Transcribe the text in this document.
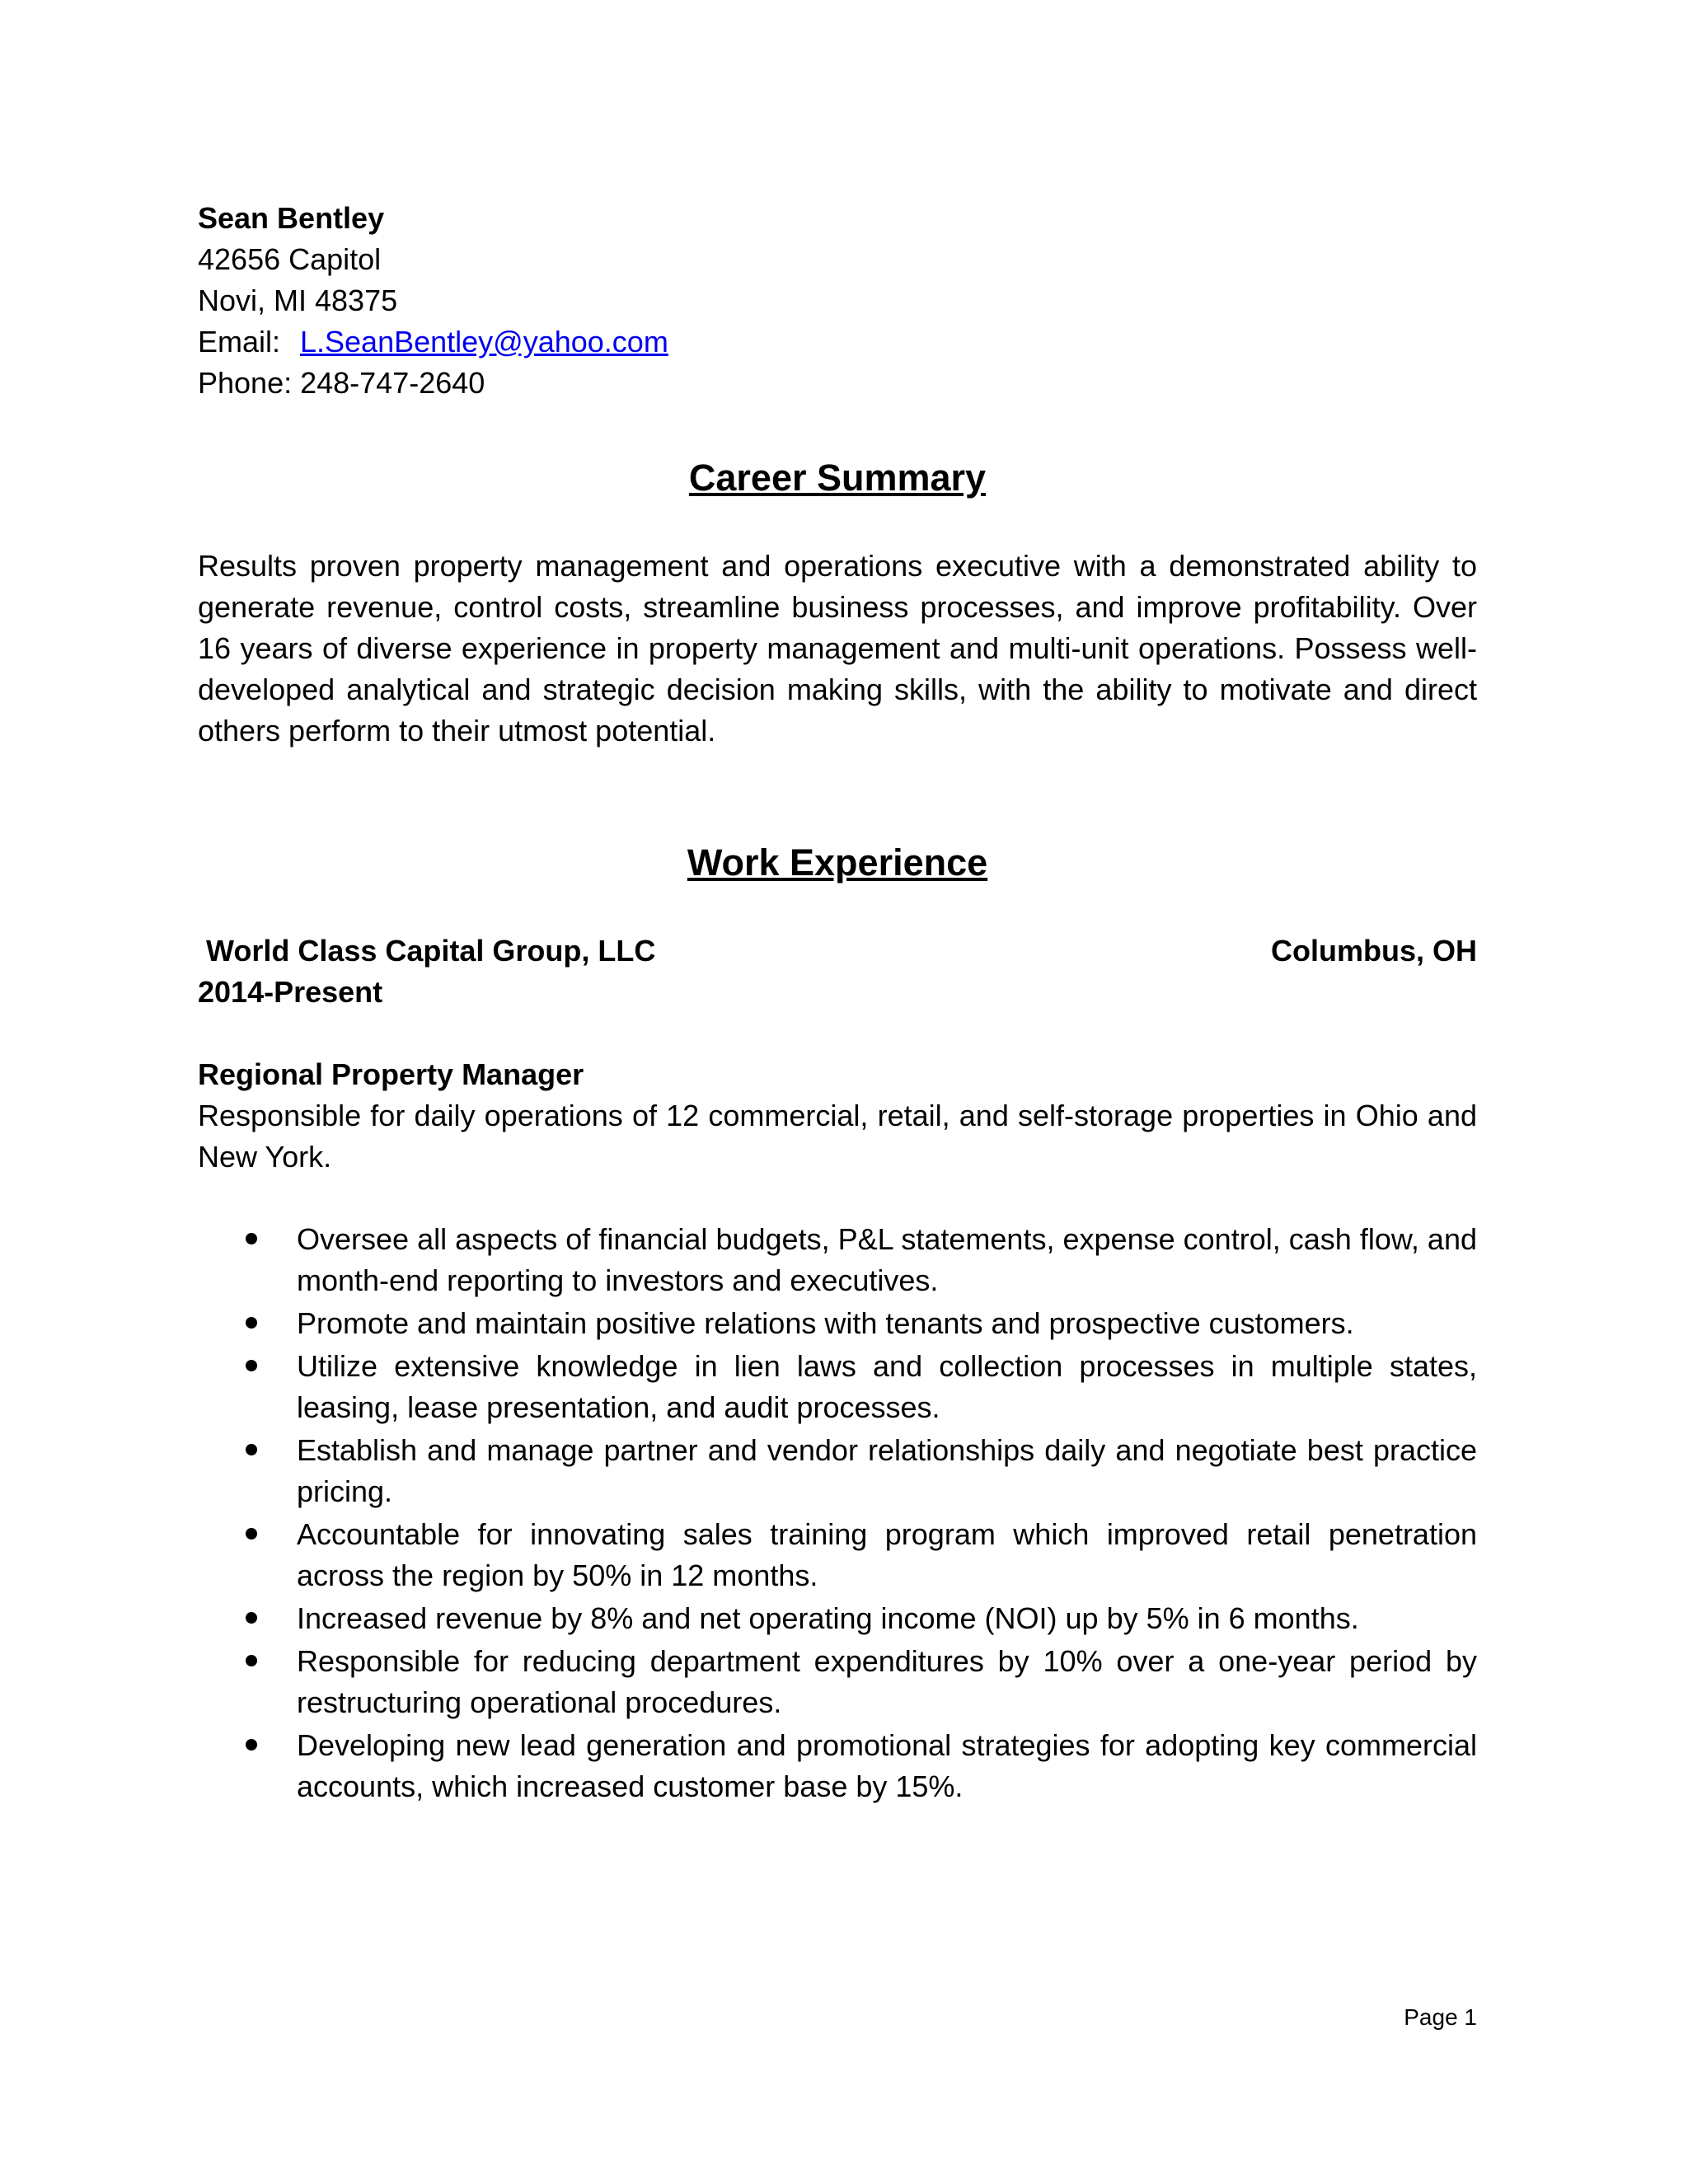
Sean Bentley
42656 Capitol
Novi, MI 48375
Email: L.SeanBentley@yahoo.com
Phone: 248-747-2640
Career Summary
Results proven property management and operations executive with a demonstrated ability to generate revenue, control costs, streamline business processes, and improve profitability. Over 16 years of diverse experience in property management and multi-unit operations. Possess well-developed analytical and strategic decision making skills, with the ability to motivate and direct others perform to their utmost potential.
Work Experience
World Class Capital Group, LLC	Columbus, OH
2014-Present
Regional Property Manager
Responsible for daily operations of 12 commercial, retail, and self-storage properties in Ohio and New York.
Oversee all aspects of financial budgets, P&L statements, expense control, cash flow, and month-end reporting to investors and executives.
Promote and maintain positive relations with tenants and prospective customers.
Utilize extensive knowledge in lien laws and collection processes in multiple states, leasing, lease presentation, and audit processes.
Establish and manage partner and vendor relationships daily and negotiate best practice pricing.
Accountable for innovating sales training program which improved retail penetration across the region by 50% in 12 months.
Increased revenue by 8% and net operating income (NOI) up by 5% in 6 months.
Responsible for reducing department expenditures by 10% over a one-year period by restructuring operational procedures.
Developing new lead generation and promotional strategies for adopting key commercial accounts, which increased customer base by 15%.
Page 1
